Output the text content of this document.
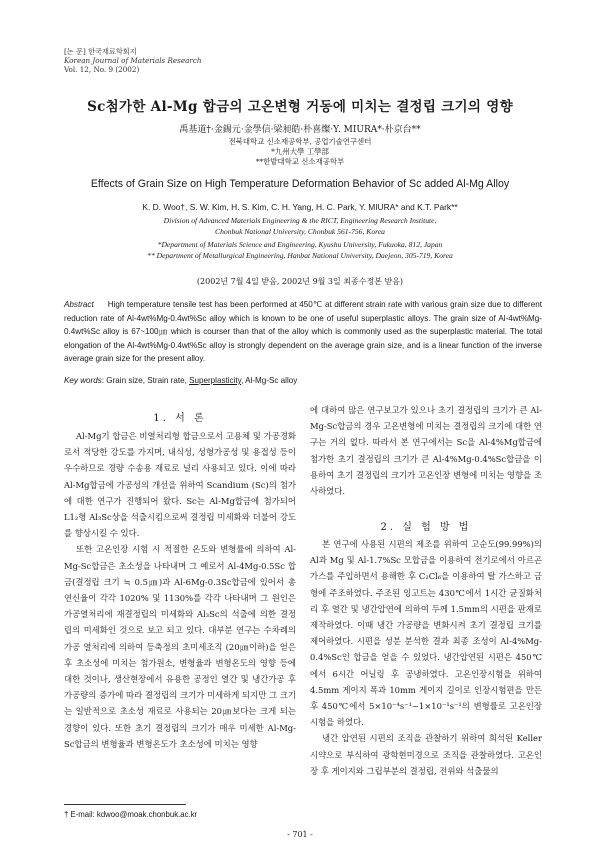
[논 문] 한국재료학회지
Korean Journal of Materials Research
Vol. 12, No. 9 (2002)
Sc첨가한 Al-Mg 합금의 고온변형 거동에 미치는 결정립 크기의 영향
禹基道†·金錫元·金學信·梁昶皓·朴喜燦·Y. MIURA*·朴京台**
전북대학교 신소재공학부, 공업기술연구센터
*九州大學 工學部
**한밭대학교 신소재공학부
Effects of Grain Size on High Temperature Deformation Behavior of Sc added Al-Mg Alloy
K. D. Woo†, S. W. Kim, H. S. Kim, C. H. Yang, H. C. Park, Y. MIURA* and K.T. Park**
Division of Advanced Materials Engineering & the RICT, Engineering Research Institute,
Chonbuk National University, Chonbuk 561-756, Korea
*Department of Materials Science and Engineering, Kyushu University, Fukuoka, 812, Japan
** Department of Metallurgical Engineering, Hanbat National University, Daejeon, 305-719, Korea
(2002년 7월 4일 받음, 2002년 9월 3일 최종수정본 받음)
Abstract High temperature tensile test has been performed at 450℃ at different strain rate with various grain size due to different reduction rate of Al-4wt%Mg-0.4wt%Sc alloy which is known to be one of useful superplastic alloys. The grain size of Al-4wt%Mg-0.4wt%Sc alloy is 67~100㎛ which is courser than that of the alloy which is commonly used as the superplastic material. The total elongation of the Al-4wt%Mg-0.4wt%Sc alloy is strongly dependent on the average grain size, and is a linear function of the inverse average grain size for the present alloy.
Key words: Grain size, Strain rate, Superplasticity, Al-Mg-Sc alloy
1. 서 론

Al-Mg기 합금은 비열처리형 합금으로서 고용체 및 가공경화로서 적당한 강도를 가지며, 내식성, 성형가공성 및 용접성 등이 우수하므로 경량 수송용 재료로 널리 사용되고 있다. 이에 따라 Al-Mg합금에 가공성의 개선을 위하여 Scandium (Sc)의 첨가에 대한 연구가 진행되어 왔다. Sc는 Al-Mg합금에 첨가되어 L1₂형 Al₃Sc상을 석출시킴으로써 결정립 미세화와 더불어 강도를 향상시킬 수 있다.

또한 고온인장 시험 시 적절한 온도와 변형률에 의하여 Al-Mg-Sc합금은 초소성을 나타내며 그 예로서 Al-4Mg-0.5Sc 합금(결정립 크기 ≒ 0.5㎛)과 Al-6Mg-0.3Sc합금에 있어서 총 연신율이 각각 1020% 및 1130%를 각각 나타내며 그 원인은 가공열처리에 재결정립의 미세화와 Al₃Sc의 석출에 의한 결정립의 미세화인 것으로 보고 되고 있다. 대부분 연구는 수차례의 가공 열처리에 의하여 등축정의 초미세조직 (20㎛이하)을 얻은 후 초소성에 미치는 첨가원소, 변형율과 변형온도의 영향 등에 대한 것이나, 생산현장에서 유용한 공정인 열간 및 냉간가공 후 가공량의 증가에 따라 결정립의 크기가 미세하게 되지만 그 크기는 일반적으로 초소성 재료로 사용되는 20㎛보다는 크게 되는 경향이 있다. 또한 초기 결정립의 크기가 매우 미세한 Al-Mg-Sc합금의 변형율과 변형온도가 초소성에 미치는 영향

에 대하여 많은 연구보고가 있으나 초기 결정립의 크기가 큰 Al-Mg-Sc합금의 경우 고온변형에 미치는 결정립의 크기에 대한 연구는 거의 없다. 따라서 본 연구에서는 Sc을 Al-4%Mg합금에 첨가한 초기 결정립의 크기가 큰 Al-4%Mg-0.4%Sc합금을 이용하여 초기 결정립의 크기가 고온인장 변형에 미치는 영향을 조사하였다.

2. 실 험 방 법

본 연구에 사용된 시편의 제조를 위하여 고순도(99.99%)의 Al과 Mg 및 Al-1.7%Sc 모합금을 이용하여 전기로에서 아르곤 가스를 주입하면서 용해한 후 C₂Cl₆을 이용하여 탈 가스하고 금형에 주조하였다. 주조된 잉고트는 430℃에서 1시간 균질화처리 후 열간 및 냉간압연에 의하여 두께 1.5mm의 시편을 판재로 제작하였다. 이때 냉간 가공량을 변화시켜 초기 결정립 크기를 제어하였다. 시편을 성분 분석한 결과 최종 조성이 Al-4%Mg-0.4%Sc인 합금을 얻을 수 있었다. 냉간압연된 시편은 450℃에서 6시간 어닐링 후 공냉하였다. 고온인장시험을 위하여 4.5mm 게이지 폭과 10mm 게이지 길이로 인장시험편을 만든 후 450℃에서 5×10⁻⁴s⁻¹~1×10⁻¹s⁻¹의 변형률로 고온인장 시험을 하였다.

냉간 압연된 시편의 조직을 관찰하기 위하여 희석된 Keller 시약으로 부식하여 광학현미경으로 조직을 관찰하였다. 고온인장 후 게이지와 그립부분의 결정립, 전위와 석출물의

† E-mail: kdwoo@moak.chonbuk.ac.kr
- 701 -
